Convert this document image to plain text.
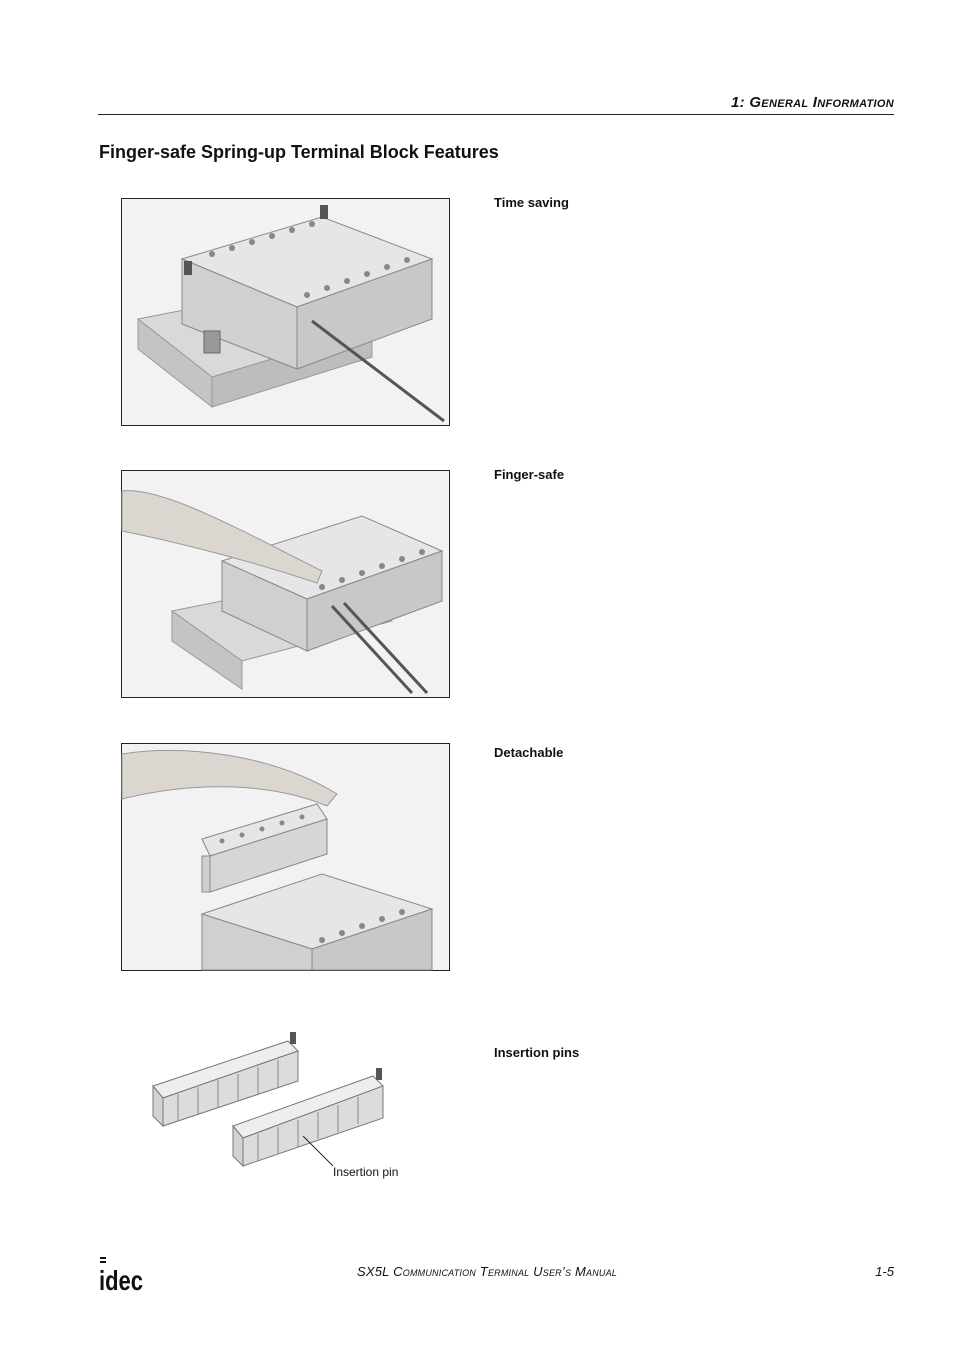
1: General Information
Finger-safe Spring-up Terminal Block Features
Time saving
Finger-safe
Detachable
Insertion pins
Insertion pin
idec	SX5L Communication Terminal User’s Manual	1-5
